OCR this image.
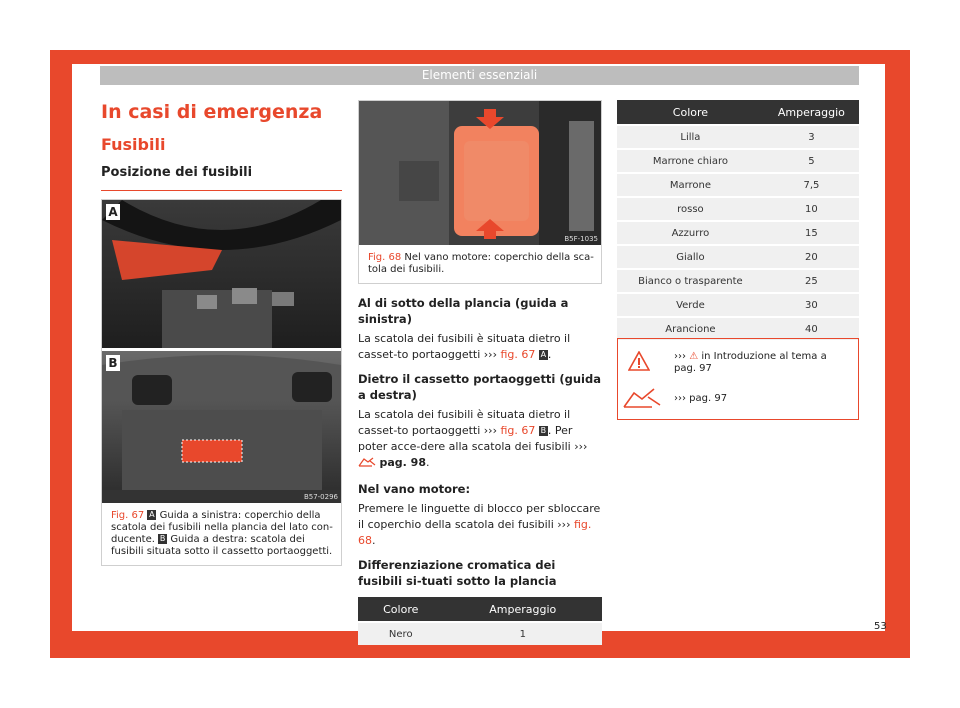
Elementi essenziali
In casi di emergenza
Fusibili
Posizione dei fusibili
A
B
B57-0296
Fig. 67 A Guida a sinistra: coperchio della scatola dei fusibili nella plancia del lato con-ducente. B Guida a destra: scatola dei fusibili situata sotto il cassetto portaoggetti.
B5F-1035
Fig. 68 Nel vano motore: coperchio della sca-tola dei fusibili.

Al di sotto della plancia (guida a sinistra)

La scatola dei fusibili è situata dietro il casset-to portaoggetti ››› fig. 67 A .

Dietro il cassetto portaoggetti (guida a destra)

La scatola dei fusibili è situata dietro il casset-to portaoggetti ››› fig. 67 B . Per poter acce-dere alla scatola dei fusibili ›››  pag. 98.

Nel vano motore:

Premere le linguette di blocco per sbloccare il coperchio della scatola dei fusibili ››› fig. 68.

Differenziazione cromatica dei fusibili si-tuati sotto la plancia

Colore	Amperaggio
Nero	1
Colore	Amperaggio
Lilla	3
Marrone chiaro	5
Marrone	7,5
rosso	10
Azzurro	15
Giallo	20
Bianco o trasparente	25
Verde	30
Arancione	40
››› ⚠ in Introduzione al tema a
pag. 97
››› pag. 97
53
